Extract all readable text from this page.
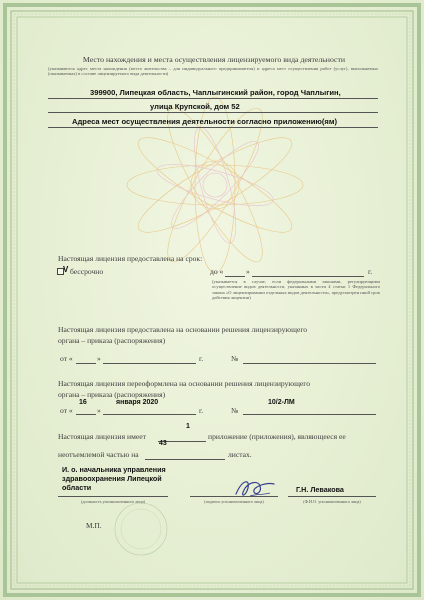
Место нахождения и места осуществления лицензируемого вида деятельности
(указываются адрес места нахождения (место жительства – для индивидуального предпринимателя) и адреса мест осуществления работ (услуг), выполняемых (оказываемых) в составе лицензируемого вида деятельности)
399900, Липецкая область, Чаплыгинский район, город Чаплыгин,
улица Крупской, дом 52
Адреса мест осуществления деятельности согласно приложению(ям)
Настоящая лицензия предоставлена на срок:
V бессрочно	до «	»	г.
(указывается в случае, если федеральными законами, регулирующими осуществление видов деятельности, указанных в части 4 статьи 1 Федерального закона «О лицензировании отдельных видов деятельности», предусмотрен иной срок действия лицензии)
Настоящая лицензия предоставлена на основании решения лицензирующего
органа – приказа (распоряжения)
от «	»	г.	№
Настоящая лицензия переоформлена на основании решения лицензирующего
органа – приказа (распоряжения)
16	января 2020	10/2-ЛМ
от «	»	г.	№
1
Настоящая лицензия имеет	приложение (приложения), являющееся ее
43
неотъемлемой частью на	листах.
И. о. начальника управления
здравоохранения Липецкой
области
(должность уполномоченного лица)	(подпись уполномоченного лица)
Г.Н. Левакова
(Ф.И.О. уполномоченного лица)
М.П.
